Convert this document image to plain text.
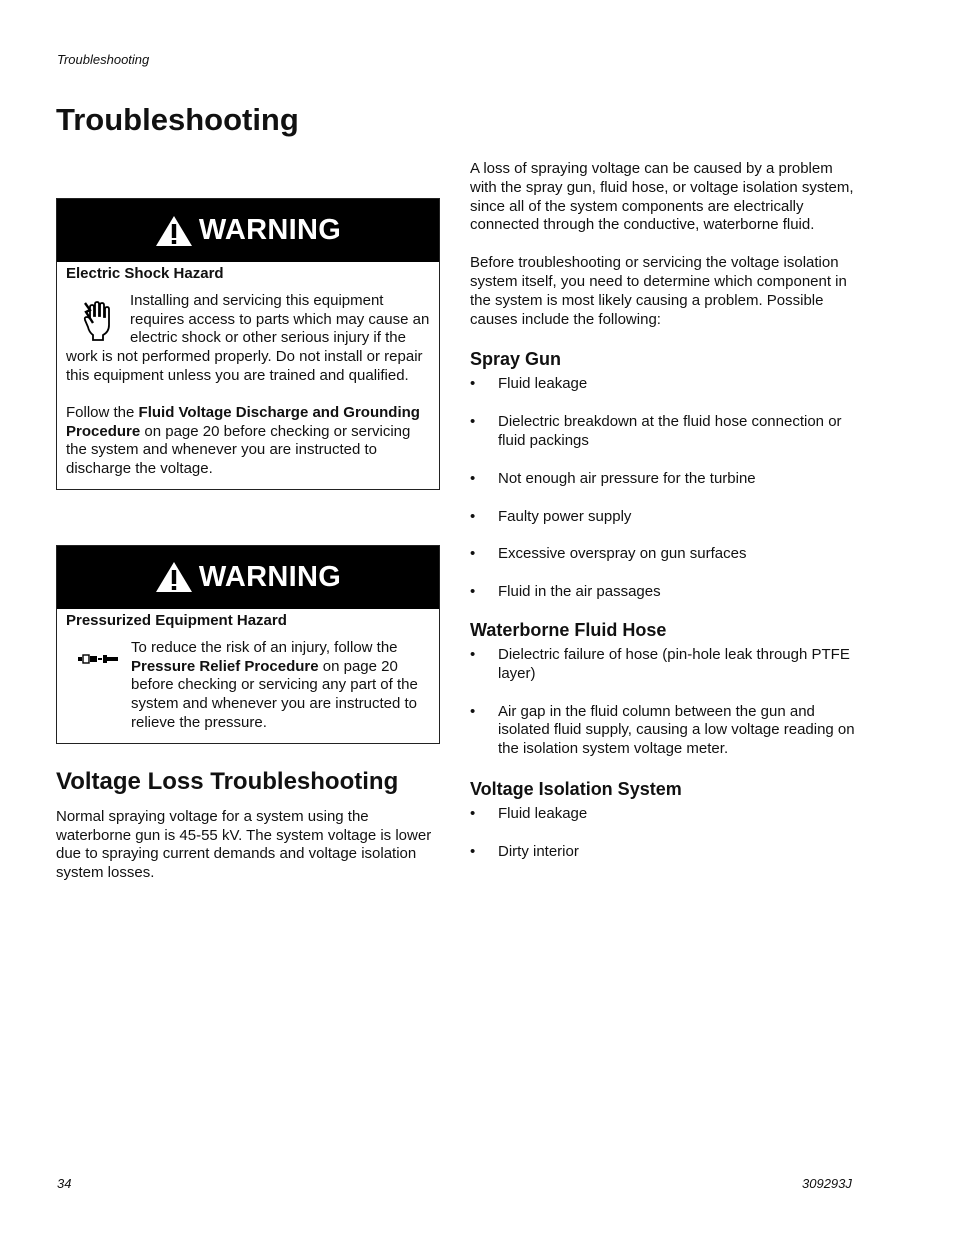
Troubleshooting
Troubleshooting
WARNING

Electric Shock Hazard

Installing and servicing this equipment requires access to parts which may cause an electric shock or other serious injury if the work is not performed properly. Do not install or repair this equipment unless you are trained and qualified.

Follow the Fluid Voltage Discharge and Grounding Procedure on page 20 before checking or servicing the system and whenever you are instructed to discharge the voltage.

WARNING

Pressurized Equipment Hazard

To reduce the risk of an injury, follow the Pressure Relief Procedure on page 20 before checking or servicing any part of the system and whenever you are instructed to relieve the pressure.

Voltage Loss Troubleshooting

Normal spraying voltage for a system using the waterborne gun is 45-55 kV. The system voltage is lower due to spraying current demands and voltage isolation system losses.

A loss of spraying voltage can be caused by a problem with the spray gun, fluid hose, or voltage isolation system, since all of the system components are electrically connected through the conductive, waterborne fluid.

Before troubleshooting or servicing the voltage isolation system itself, you need to determine which component in the system is most likely causing a problem. Possible causes include the following:

Spray Gun
• Fluid leakage
• Dielectric breakdown at the fluid hose connection or fluid packings
• Not enough air pressure for the turbine
• Faulty power supply
• Excessive overspray on gun surfaces
• Fluid in the air passages
Waterborne Fluid Hose
• Dielectric failure of hose (pin-hole leak through PTFE layer)
• Air gap in the fluid column between the gun and isolated fluid supply, causing a low voltage reading on the isolation system voltage meter.
Voltage Isolation System
• Fluid leakage
• Dirty interior
34	309293J
